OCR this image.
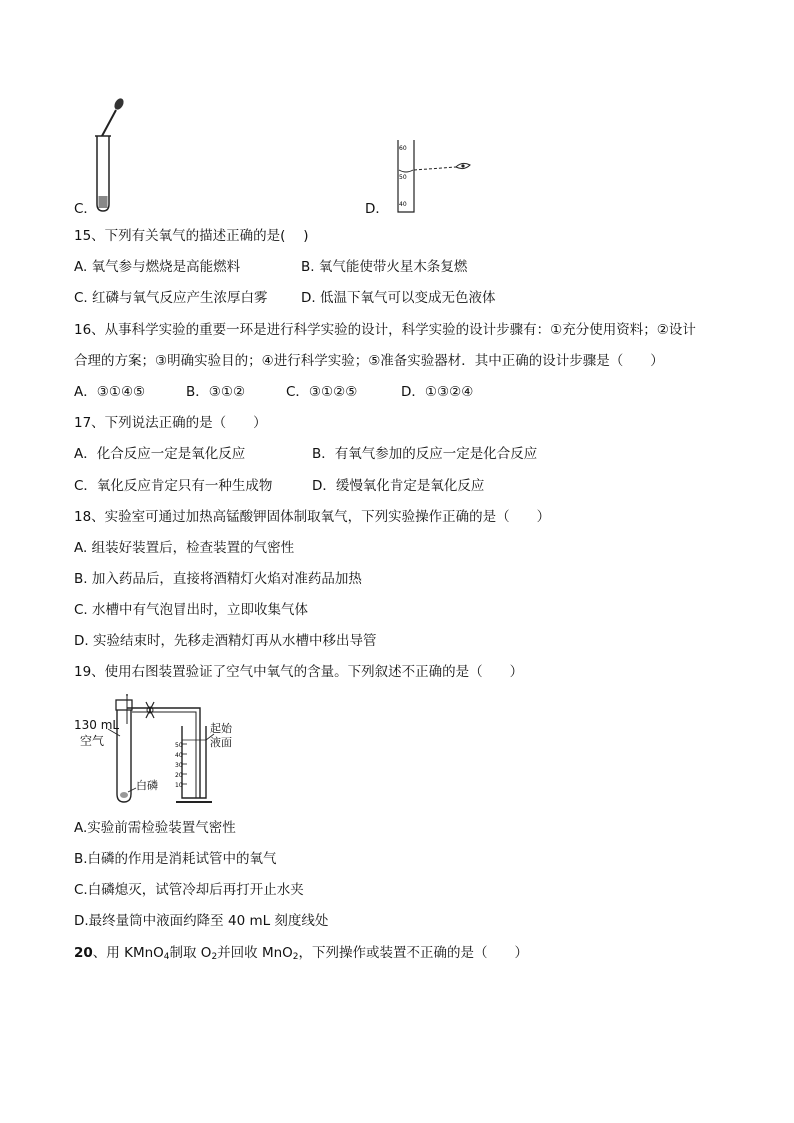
C．
60
50
40
D．
15、下列有关氧气的描述正确的是(　 )
A. 氧气参与燃烧是高能燃料	B. 氧气能使带火星木条复燃
C. 红磷与氧气反应产生浓厚白雾 D. 低温下氧气可以变成无色液体
16、从事科学实验的重要一环是进行科学实验的设计，科学实验的设计步骤有：①充分使用资料；②设计
合理的方案；③明确实验目的；④进行科学实验；⑤准备实验器材．其中正确的设计步骤是（　　）
A．③①④⑤	B．③①②	C．③①②⑤	D．①③②④
17、下列说法正确的是（　　）
A．化合反应一定是氧化反应	B．有氧气参加的反应一定是化合反应
C．氧化反应肯定只有一种生成物	D．缓慢氧化肯定是氧化反应
18、实验室可通过加热高锰酸钾固体制取氧气，下列实验操作正确的是（　　）
A. 组装好装置后，检查装置的气密性
B. 加入药品后，直接将酒精灯火焰对准药品加热
C. 水槽中有气泡冒出时，立即收集气体
D. 实验结束时，先移走酒精灯再从水槽中移出导管
19、使用右图装置验证了空气中氧气的含量。下列叙述不正确的是（　　）
50
40
30
20
10
130 mL
空气
白磷
起始
液面
A.实验前需检验装置气密性
B.白磷的作用是消耗试管中的氧气
C.白磷熄灭，试管冷却后再打开止水夹
D.最终量筒中液面约降至 40 mL 刻度线处
20、用 KMnO$_4$制取 $O_2$并回收 MnO$_2$，下列操作或装置不正确的是（　　）
